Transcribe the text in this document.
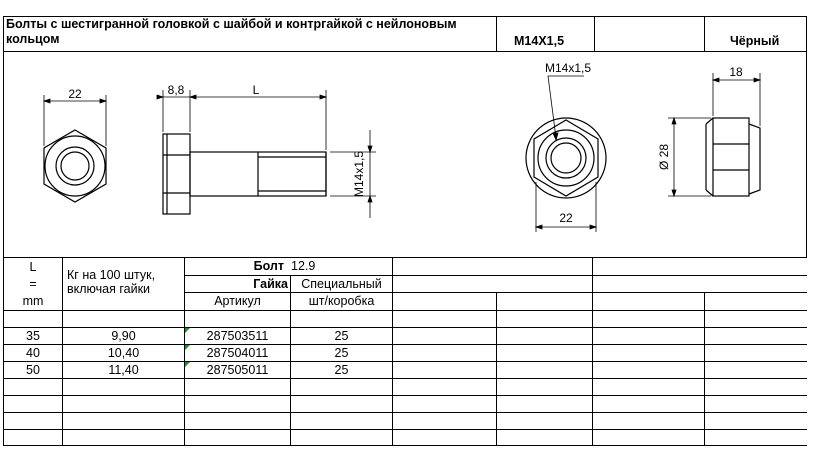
22	8,8	L
M14x1,5
M14x1,5
22
18
Ø 28
Болты с шестигранной головкой с шайбой и контргайкой с нейлоновым кольцом	M14X1,5	Чёрный
L
=
mm
Кг на 100 штук, включая гайки
Болт 12.9
Гайка	Специальный
Артикул	шт/коробка
35	9,90	287503511	25
40	10,40	287504011	25
50	11,40	287505011	25
